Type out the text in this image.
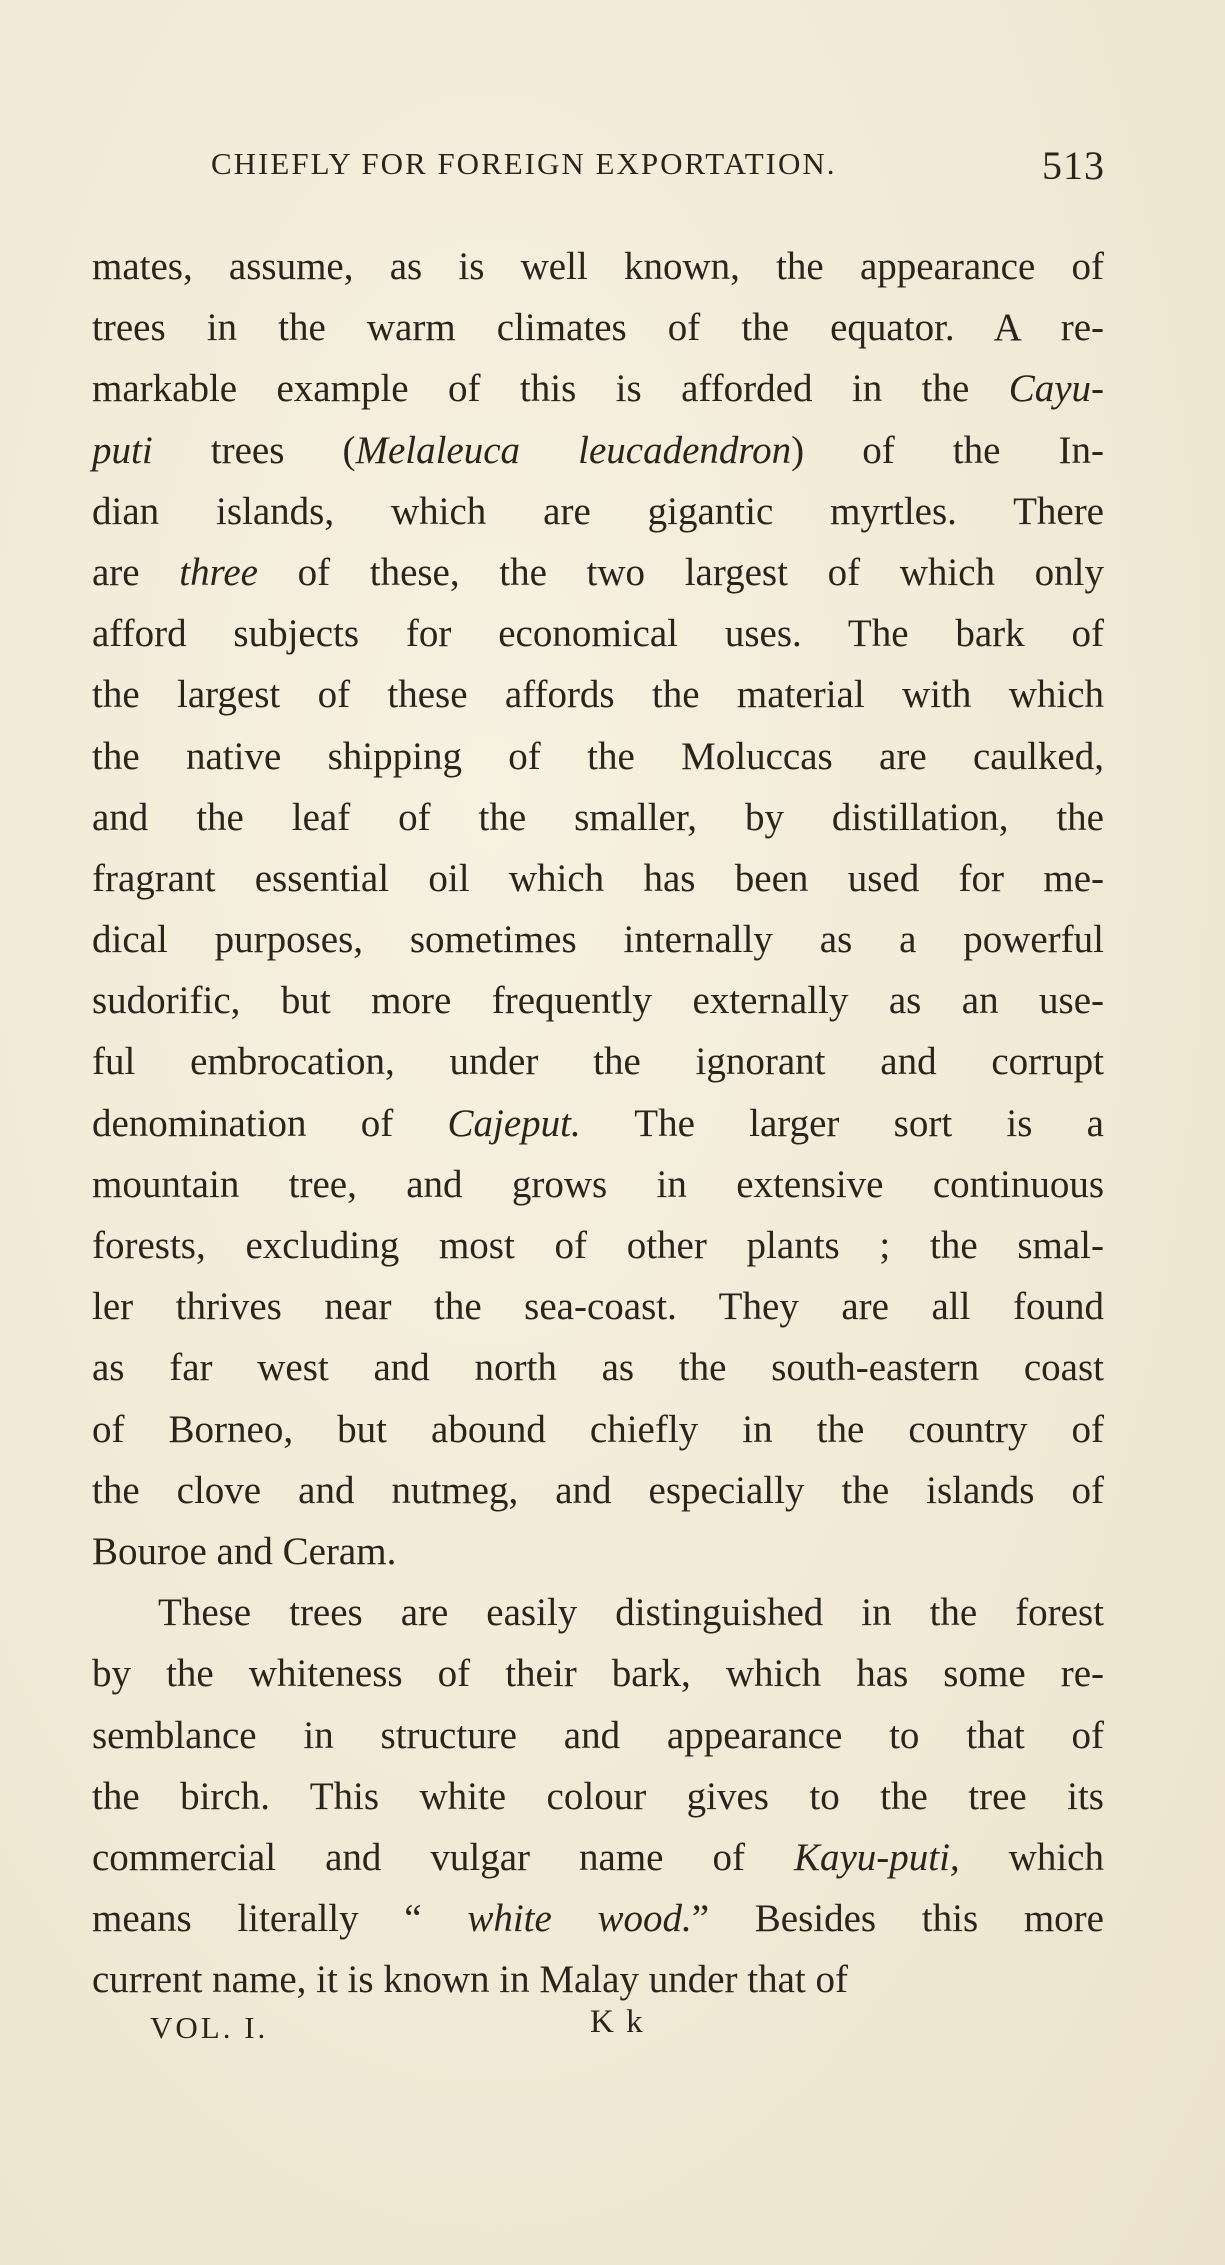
CHIEFLY FOR FOREIGN EXPORTATION.	513
mates, assume, as is well known, the appearance of
trees in the warm climates of the equator. A re-
markable example of this is afforded in the Cayu-
puti trees (Melaleuca leucadendron) of the In-
dian islands, which are gigantic myrtles. There
are three of these, the two largest of which only
afford subjects for economical uses. The bark of
the largest of these affords the material with which
the native shipping of the Moluccas are caulked,
and the leaf of the smaller, by distillation, the
fragrant essential oil which has been used for me-
dical purposes, sometimes internally as a powerful
sudorific, but more frequently externally as an use-
ful embrocation, under the ignorant and corrupt
denomination of Cajeput. The larger sort is a
mountain tree, and grows in extensive continuous
forests, excluding most of other plants ; the smal-
ler thrives near the sea-coast. They are all found
as far west and north as the south-eastern coast
of Borneo, but abound chiefly in the country of
the clove and nutmeg, and especially the islands of
Bouroe and Ceram.
These trees are easily distinguished in the forest
by the whiteness of their bark, which has some re-
semblance in structure and appearance to that of
the birch. This white colour gives to the tree its
commercial and vulgar name of Kayu-puti, which
means literally “ white wood.” Besides this more
current name, it is known in Malay under that of
VOL. I.	K k
